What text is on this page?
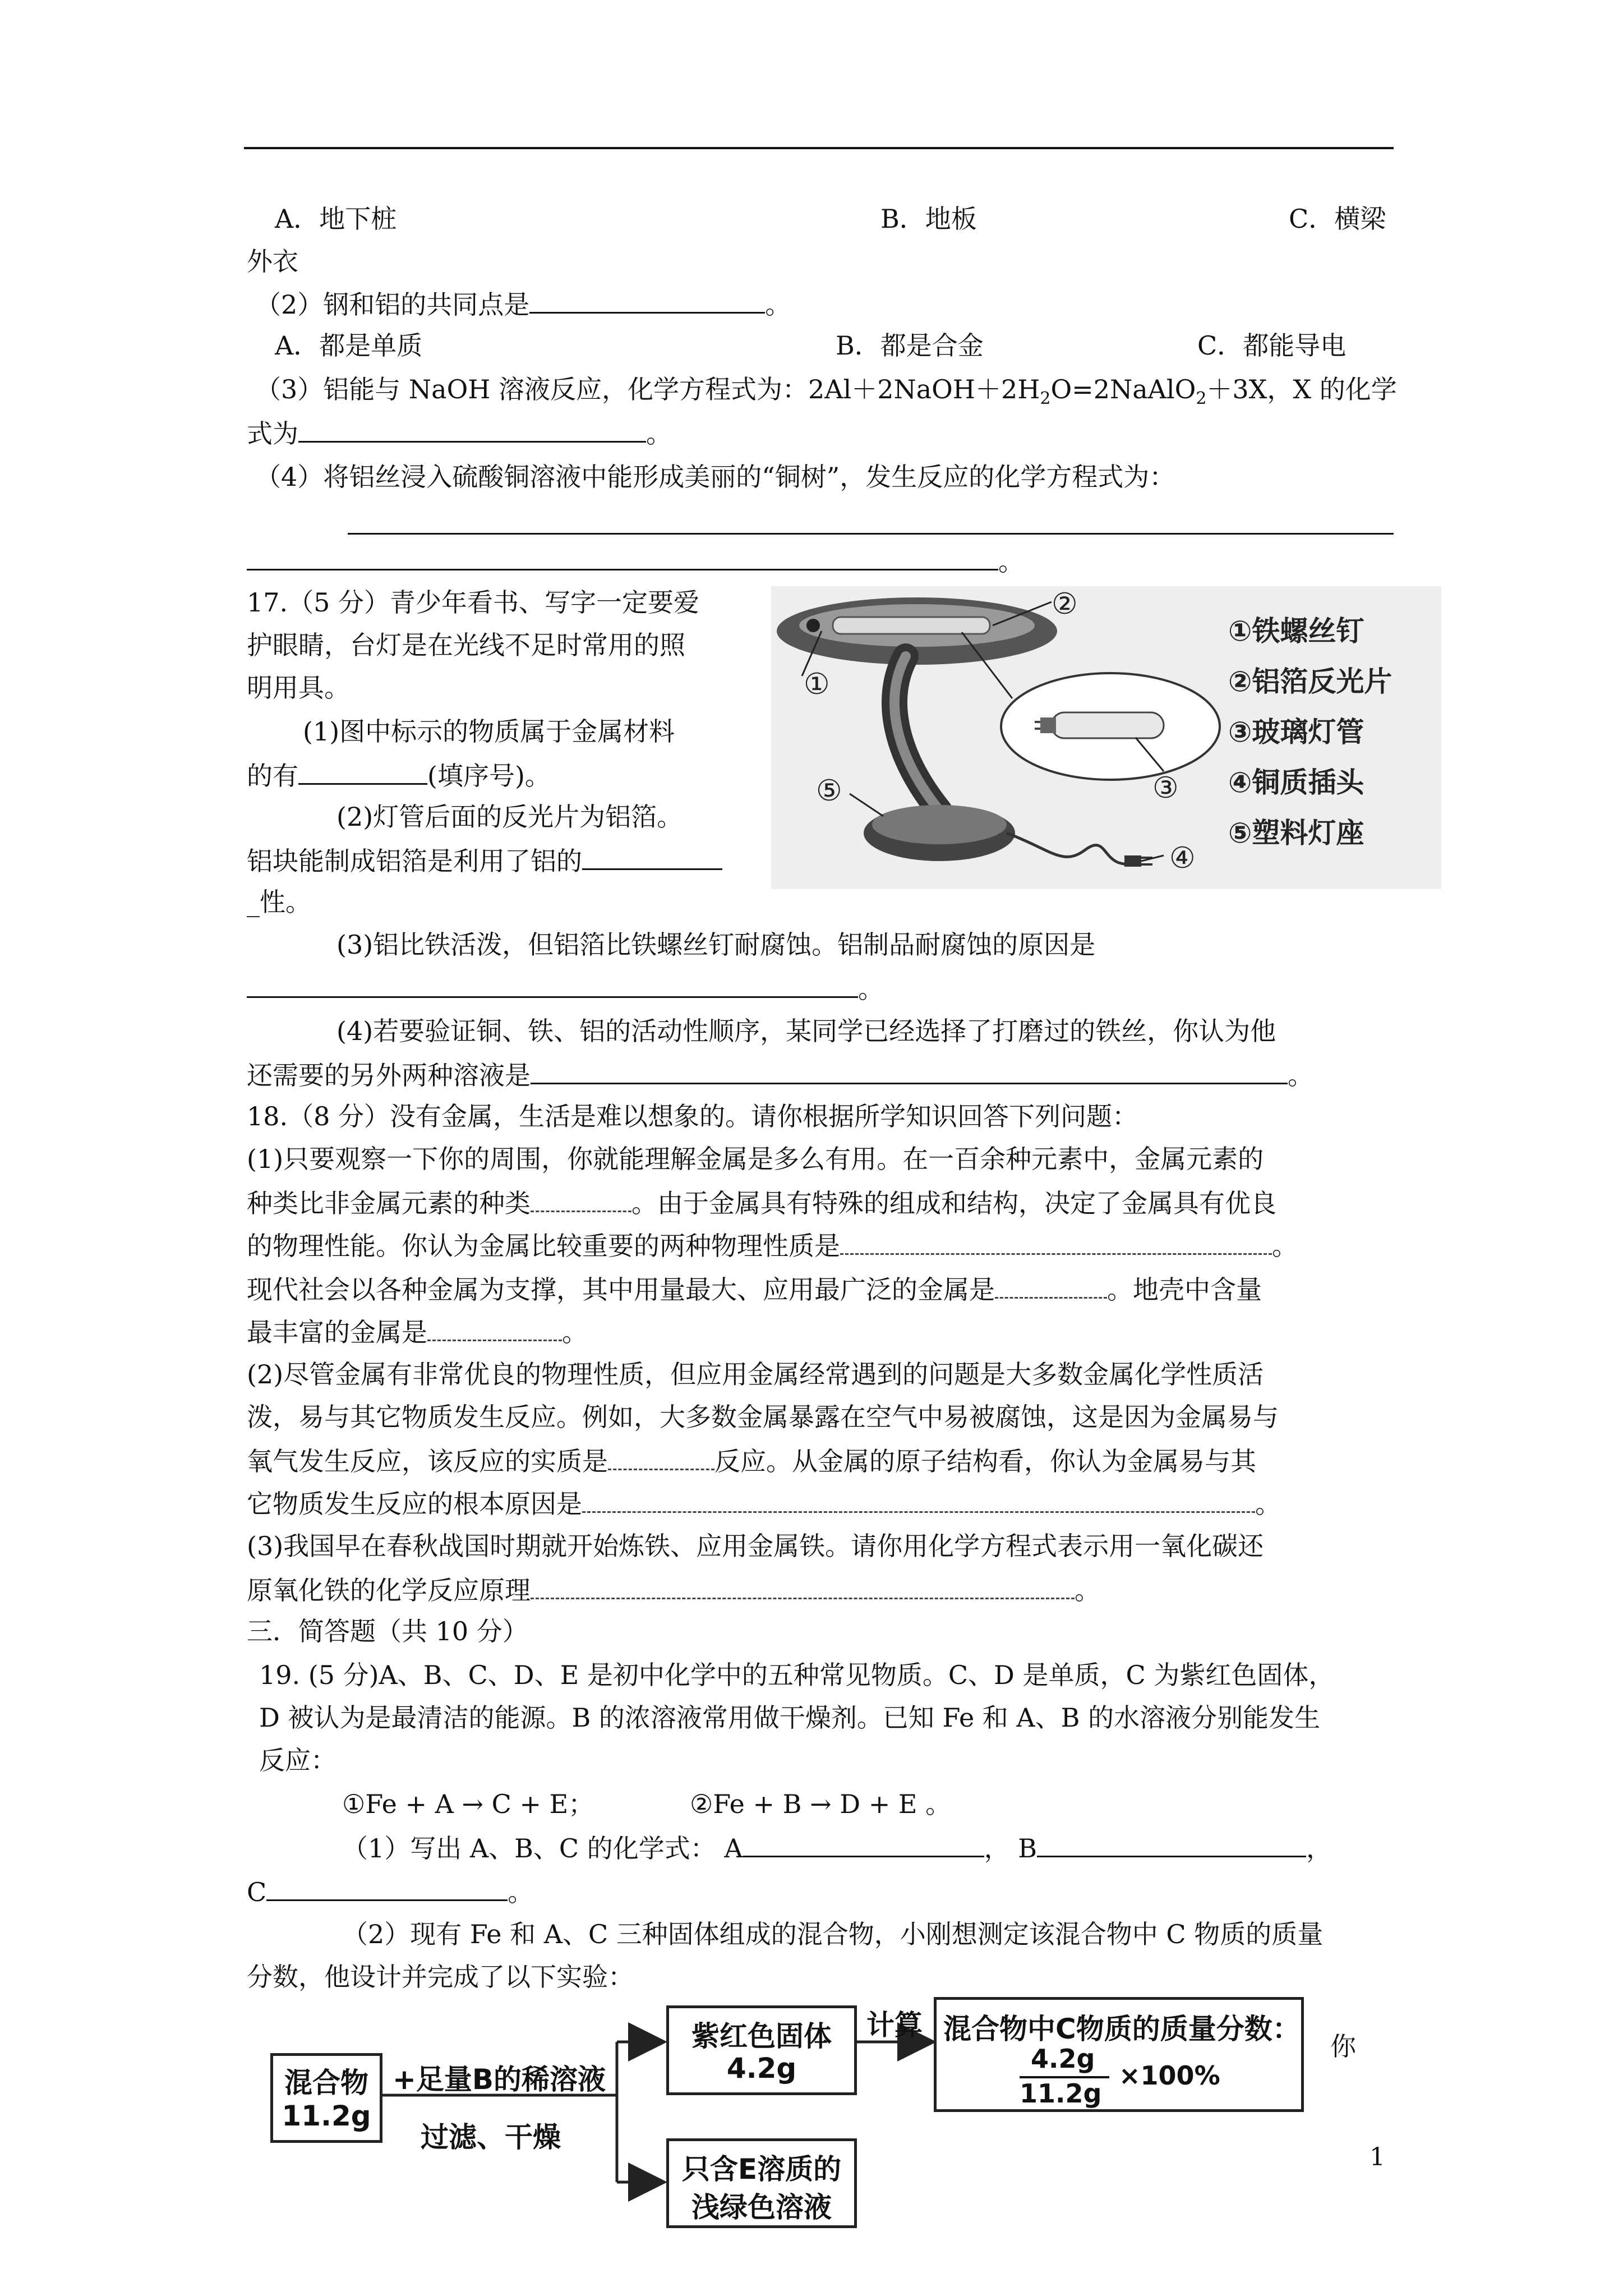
A．地下桩	B．地板	C．横梁
外衣
（2）钢和铝的共同点是	。
A．都是单质	B．都是合金	C．都能导电
（3）铝能与 NaOH 溶液反应，化学方程式为：$2Al+2NaOH+2H_2O=2NaAlO_2+3X$，X 的化学
式为	。
（4）将铝丝浸入硫酸铜溶液中能形成美丽的“铜树”，发生反应的化学方程式为：
。
17.（5 分）青少年看书、写字一定要爱
护眼睛，台灯是在光线不足时常用的照
明用具。
(1)图中标示的物质属于金属材料
的有	(填序号)。
(2)灯管后面的反光片为铝箔。
铝块能制成铝箔是利用了铝的
_性。
(3)铝比铁活泼，但铝箔比铁螺丝钉耐腐蚀。铝制品耐腐蚀的原因是
。
(4)若要验证铜、铁、铝的活动性顺序，某同学已经选择了打磨过的铁丝，你认为他
还需要的另外两种溶液是	。
①
②
③
④
⑤
①铁螺丝钉
②铝箔反光片
③玻璃灯管
④铜质插头
⑤塑料灯座
18.（8 分）没有金属，生活是难以想象的。请你根据所学知识回答下列问题：
(1)只要观察一下你的周围，你就能理解金属是多么有用。在一百余种元素中，金属元素的
种类比非金属元素的种类	。由于金属具有特殊的组成和结构，决定了金属具有优良
的物理性能。你认为金属比较重要的两种物理性质是	。
现代社会以各种金属为支撑，其中用量最大、应用最广泛的金属是	。地壳中含量
最丰富的金属是	。
(2)尽管金属有非常优良的物理性质，但应用金属经常遇到的问题是大多数金属化学性质活
泼，易与其它物质发生反应。例如，大多数金属暴露在空气中易被腐蚀，这是因为金属易与
氧气发生反应，该反应的实质是	反应。从金属的原子结构看，你认为金属易与其
它物质发生反应的根本原因是	。
(3)我国早在春秋战国时期就开始炼铁、应用金属铁。请你用化学方程式表示用一氧化碳还
原氧化铁的化学反应原理	。
三．简答题（共 10 分）
19. (5 分)A、B、C、D、E 是初中化学中的五种常见物质。C、D 是单质，C 为紫红色固体，
D 被认为是最清洁的能源。B 的浓溶液常用做干燥剂。已知 Fe 和 A、B 的水溶液分别能发生
反应：
①Fe + A → C + E；	②Fe + B → D + E 。
（1）写出 A、B、C 的化学式： A	， B	，
C	。
（2）现有 Fe 和 A、C 三种固体组成的混合物，小刚想测定该混合物中 C 物质的质量
分数，他设计并完成了以下实验：
混合物
11.2g
+足量B的稀溶液
过滤、干燥
紫红色固体
4.2g
计算 混合物中C物质的质量分数：
4.2g
11.2g
×100%
只含E溶质的
浅绿色溶液
你
1
